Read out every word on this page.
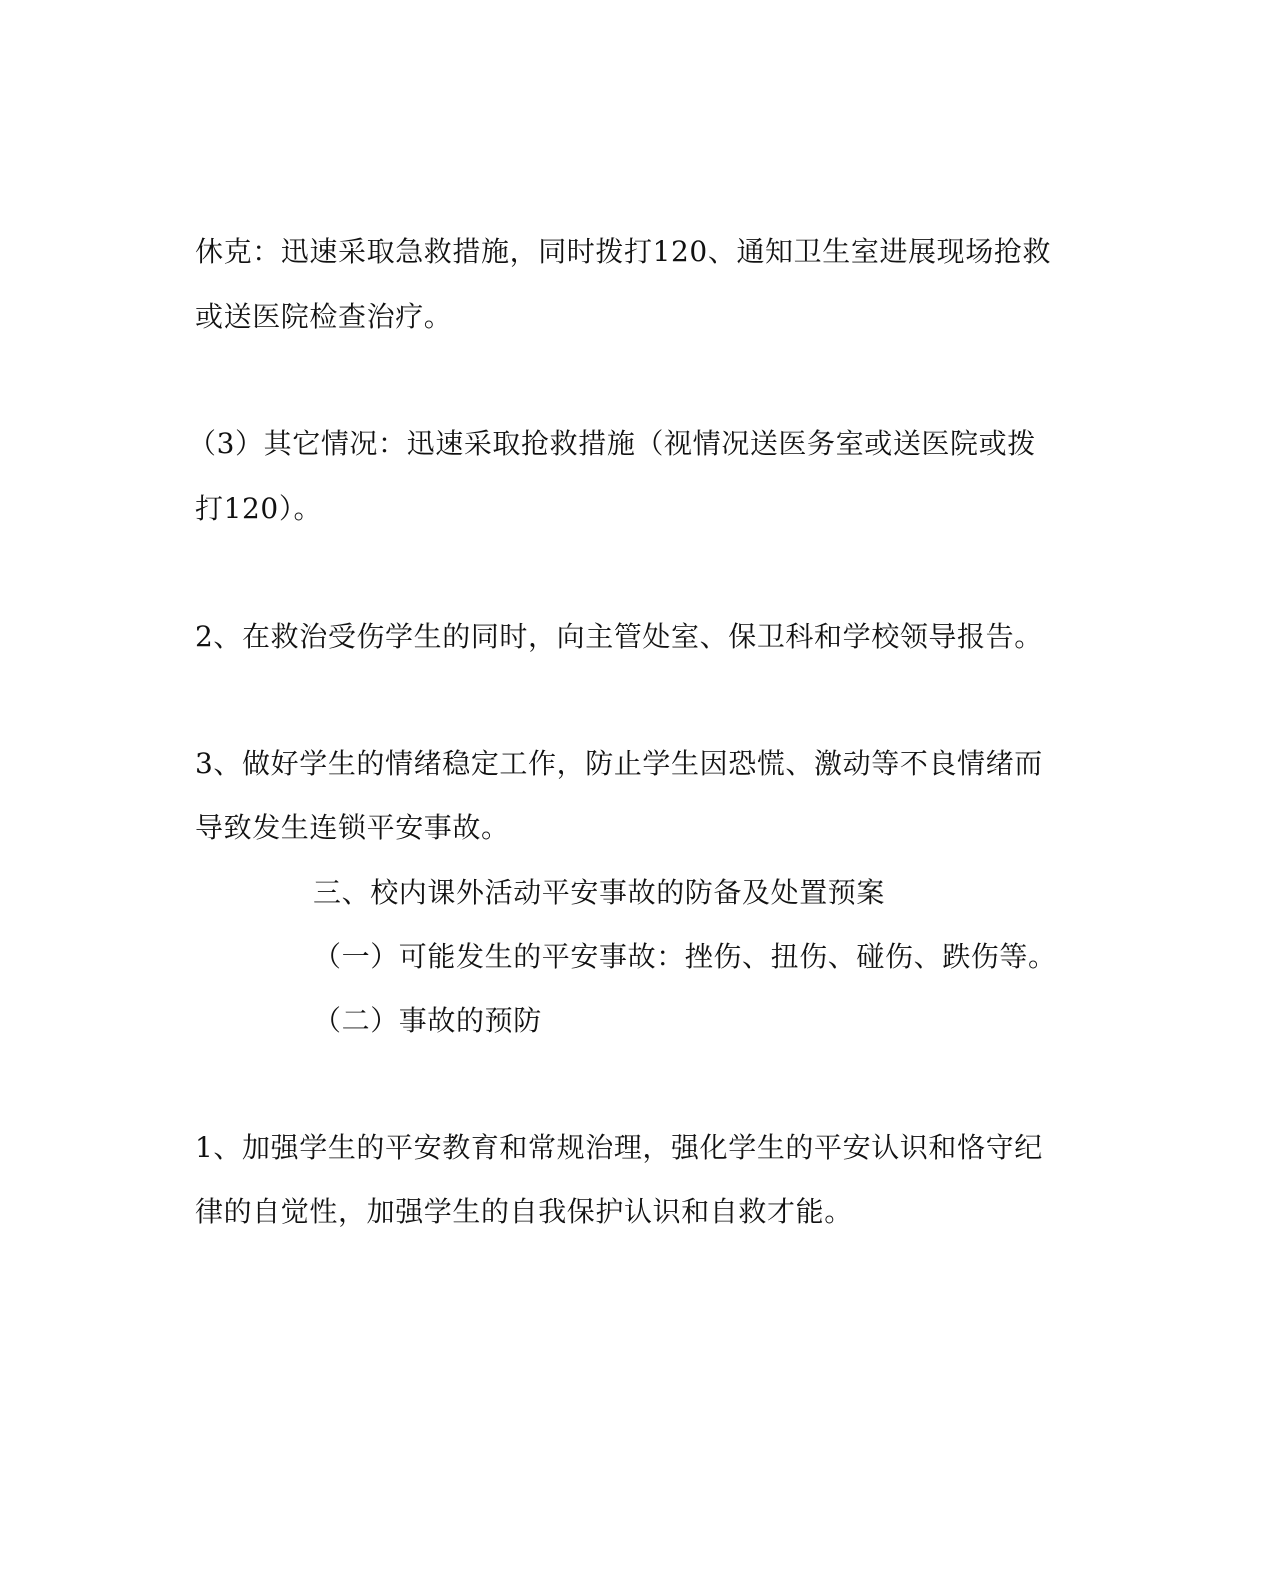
休克：迅速采取急救措施，同时拨打120、通知卫生室进展现场抢救
或送医院检查治疗。
（3）其它情况：迅速采取抢救措施（视情况送医务室或送医院或拨
打120）。
2、在救治受伤学生的同时，向主管处室、保卫科和学校领导报告。
3、做好学生的情绪稳定工作，防止学生因恐慌、激动等不良情绪而
导致发生连锁平安事故。
三、校内课外活动平安事故的防备及处置预案
（一）可能发生的平安事故：挫伤、扭伤、碰伤、跌伤等。
（二）事故的预防
1、加强学生的平安教育和常规治理，强化学生的平安认识和恪守纪
律的自觉性，加强学生的自我保护认识和自救才能。
